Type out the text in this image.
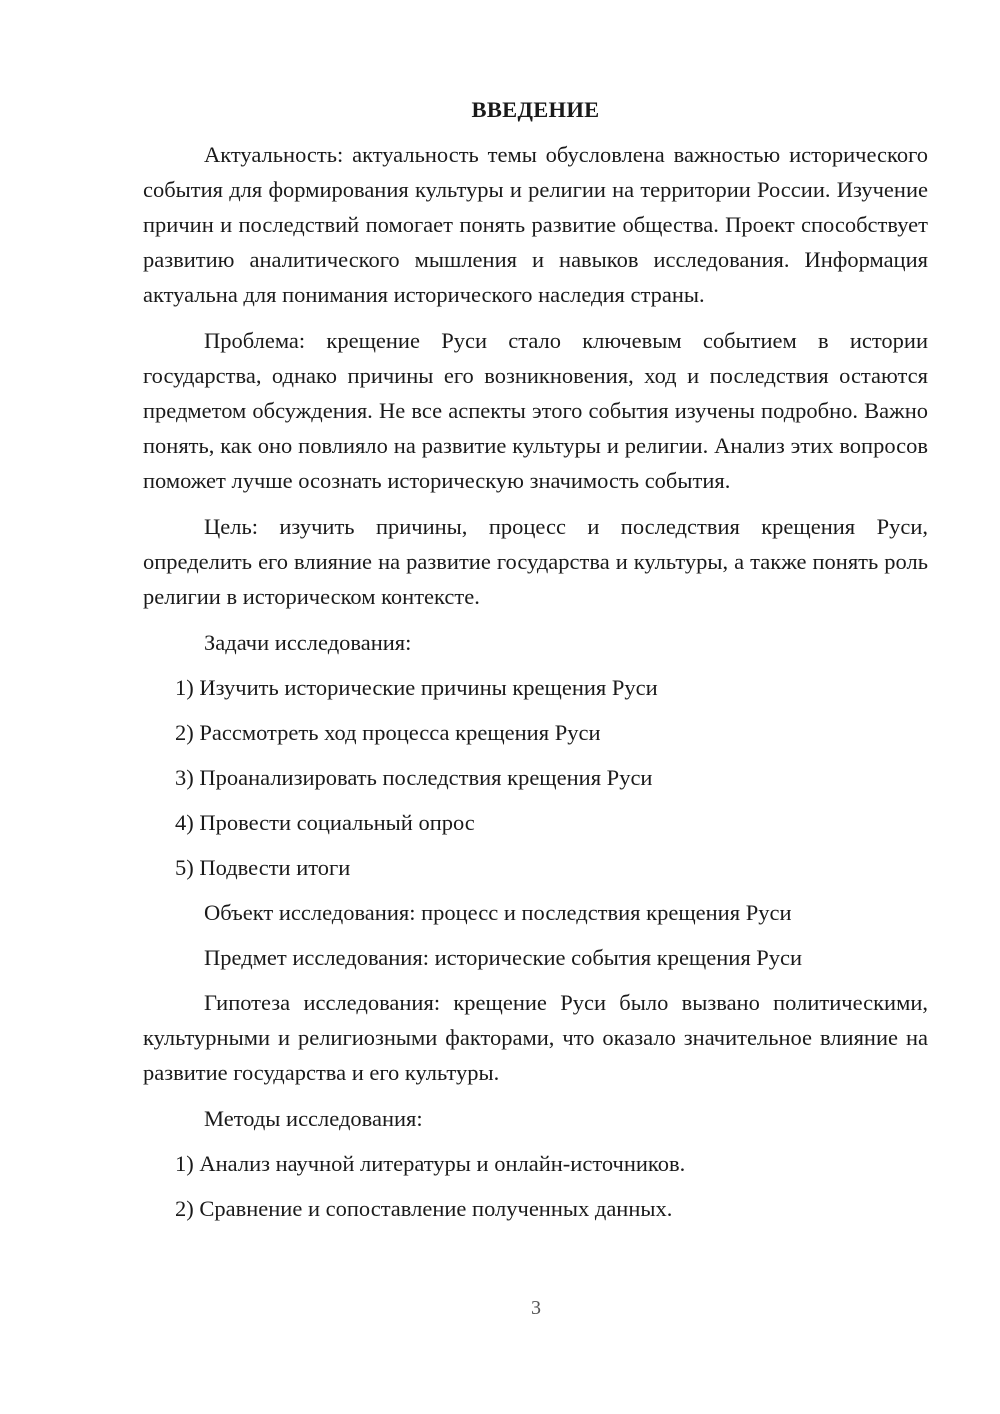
ВВЕДЕНИЕ

Актуальность: актуальность темы обусловлена важностью исторического события для формирования культуры и религии на территории России. Изучение причин и последствий помогает понять развитие общества. Проект способствует развитию аналитического мышления и навыков исследования. Информация актуальна для понимания исторического наследия страны.

Проблема: крещение Руси стало ключевым событием в истории государства, однако причины его возникновения, ход и последствия остаются предметом обсуждения. Не все аспекты этого события изучены подробно. Важно понять, как оно повлияло на развитие культуры и религии. Анализ этих вопросов поможет лучше осознать историческую значимость события.

Цель: изучить причины, процесс и последствия крещения Руси, определить его влияние на развитие государства и культуры, а также понять роль религии в историческом контексте.

Задачи исследования:

1) Изучить исторические причины крещения Руси
2) Рассмотреть ход процесса крещения Руси
3) Проанализировать последствия крещения Руси
4) Провести социальный опрос
5) Подвести итоги

Объект исследования: процесс и последствия крещения Руси

Предмет исследования: исторические события крещения Руси

Гипотеза исследования: крещение Руси было вызвано политическими, культурными и религиозными факторами, что оказало значительное влияние на развитие государства и его культуры.

Методы исследования:

1) Анализ научной литературы и онлайн-источников.
2) Сравнение и сопоставление полученных данных.
3
